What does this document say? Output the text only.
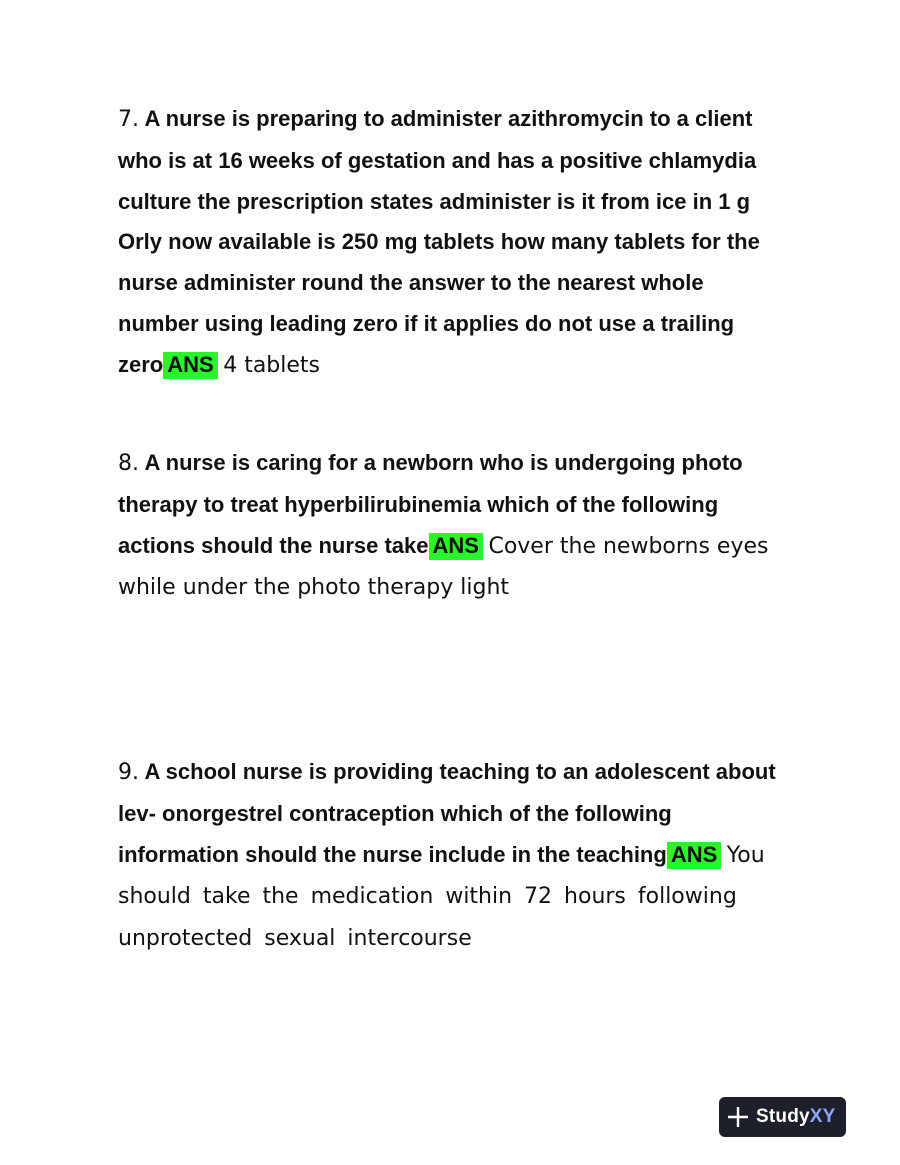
7. A nurse is preparing to administer azithromycin to a client who is at 16 weeks of gestation and has a positive chlamydia culture the prescription states administer is it from ice in 1 g Orly now available is 250 mg tablets how many tablets for the nurse administer round the answer to the nearest whole number using leading zero if it applies do not use a trailing zero ANS 4 tablets

8. A nurse is caring for a newborn who is undergoing photo therapy to treat hyperbilirubinemia which of the following actions should the nurse take ANS Cover the newborns eyes while under the photo therapy light

9. A school nurse is providing teaching to an adolescent about lev- onorgestrel contraception which of the following information should the nurse include in the teaching ANS You should take the medication within 72 hours following unprotected sexual intercourse

StudyXY
